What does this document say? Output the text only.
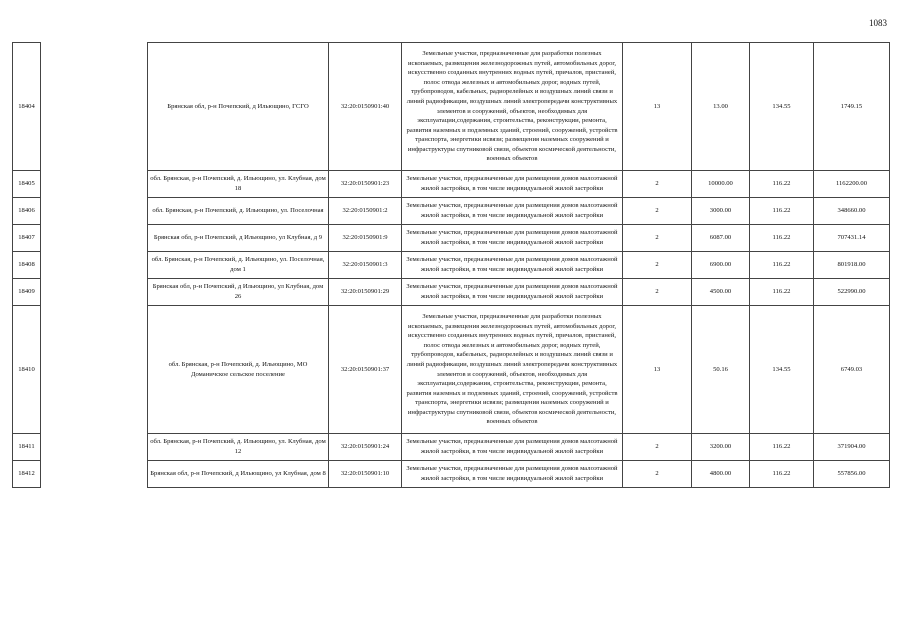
1083
18404		Брянская обл, р-н Почепский, д Ильющино, ГСГО	32:20:0150901:40	Земельные участки, предназначенные для разработки полезных ископаемых, размещения железнодорожных путей, автомобильных дорог, искусственно созданных внутренних водных путей, причалов, пристаней, полос отвода железных и автомобильных дорог, водных путей, трубопроводов, кабельных, радиорелейных и воздушных линий связи и линий радиофикации, воздушных линий электропередачи конструктивных элементов и сооружений, объектов, необходимых для эксплуатации,содержания, строительства, реконструкции, ремонта, развития наземных и подземных зданий, строений, сооружений, устройств транспорта, энергетики исвязи; размещения наземных сооружений и инфраструктуры спутниковой связи, объектов космической деятельности, военных объектов	13	13.00	134.55	1749.15
18405		обл. Брянская, р-н Почепский, д. Ильющино, ул. Клубная, дом 18	32:20:0150901:23	Земельные участки, предназначенные для размещения домов малоэтажной жилой застройки, в том числе индивидуальной жилой застройки	2	10000.00	116.22	1162200.00
18406		обл. Брянская, р-н Почепский, д. Ильющино, ул. Поселочная	32:20:0150901:2	Земельные участки, предназначенные для размещения домов малоэтажной жилой застройки, в том числе индивидуальной жилой застройки	2	3000.00	116.22	348660.00
18407		Брянская обл, р-н Почепский, д Ильющино, ул Клубная, д 9	32:20:0150901:9	Земельные участки, предназначенные для размещения домов малоэтажной жилой застройки, в том числе индивидуальной жилой застройки	2	6087.00	116.22	707431.14
18408		обл. Брянская, р-н Почепский, д. Ильющино, ул. Поселочная, дом 1	32:20:0150901:3	Земельные участки, предназначенные для размещения домов малоэтажной жилой застройки, в том числе индивидуальной жилой застройки	2	6900.00	116.22	801918.00
18409		Брянская обл, р-н Почепский, д Ильющино, ул Клубная, дом 26	32:20:0150901:29	Земельные участки, предназначенные для размещения домов малоэтажной жилой застройки, в том числе индивидуальной жилой застройки	2	4500.00	116.22	522990.00
18410		обл. Брянская, р-н Почепский, д. Ильющино, МО Доманичское сельское поселение	32:20:0150901:37	Земельные участки, предназначенные для разработки полезных ископаемых, размещения железнодорожных путей, автомобильных дорог, искусственно созданных внутренних водных путей, причалов, пристаней, полос отвода железных и автомобильных дорог, водных путей, трубопроводов, кабельных, радиорелейных и воздушных линий связи и линий радиофикации, воздушных линий электропередачи конструктивных элементов и сооружений, объектов, необходимых для эксплуатации,содержания, строительства, реконструкции, ремонта, развития наземных и подземных зданий, строений, сооружений, устройств транспорта, энергетики исвязи; размещения наземных сооружений и инфраструктуры спутниковой связи, объектов космической деятельности, военных объектов	13	50.16	134.55	6749.03
18411		обл. Брянская, р-н Почепский, д. Ильющино, ул. Клубная, дом 12	32:20:0150901:24	Земельные участки, предназначенные для размещения домов малоэтажной жилой застройки, в том числе индивидуальной жилой застройки	2	3200.00	116.22	371904.00
18412		Брянская обл, р-н Почепский, д Ильющино, ул Клубная, дом 8	32:20:0150901:10	Земельные участки, предназначенные для размещения домов малоэтажной жилой застройки, в том числе индивидуальной жилой застройки	2	4800.00	116.22	557856.00
